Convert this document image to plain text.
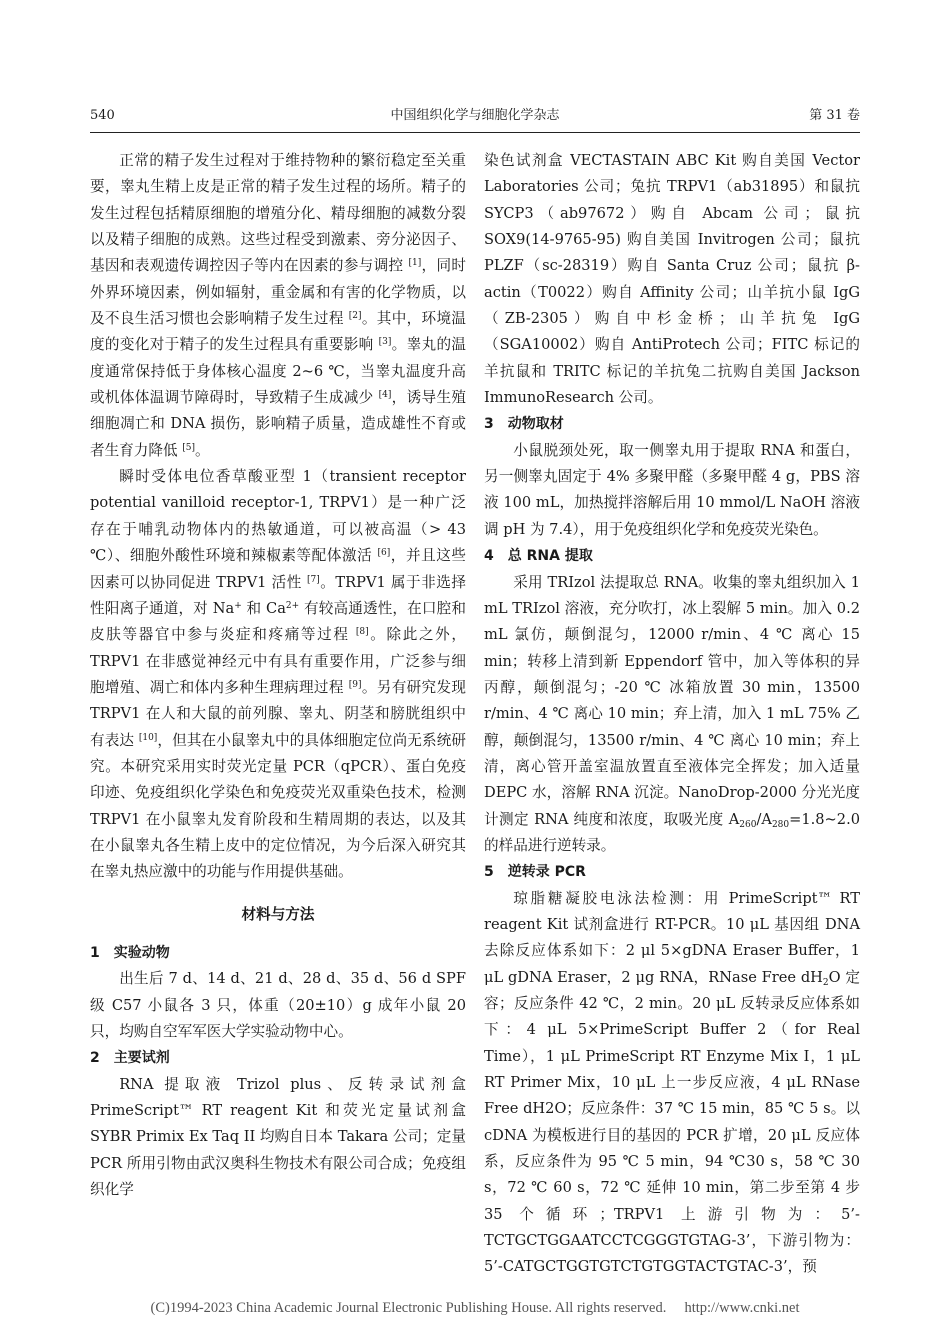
540	中国组织化学与细胞化学杂志	第 31 卷

正常的精子发生过程对于维持物种的繁衍稳定至关重要，睾丸生精上皮是正常的精子发生过程的场所。精子的发生过程包括精原细胞的增殖分化、精母细胞的减数分裂以及精子细胞的成熟。这些过程受到激素、旁分泌因子、基因和表观遗传调控因子等内在因素的参与调控 [1]，同时外界环境因素，例如辐射，重金属和有害的化学物质，以及不良生活习惯也会影响精子发生过程 [2]。其中，环境温度的变化对于精子的发生过程具有重要影响 [3]。睾丸的温度通常保持低于身体核心温度 2~6 ℃，当睾丸温度升高或机体体温调节障碍时，导致精子生成减少 [4]，诱导生殖细胞凋亡和 DNA 损伤，影响精子质量，造成雄性不育或者生育力降低 [5]。

瞬时受体电位香草酸亚型 1（transient receptor potential vanilloid receptor-1, TRPV1）是一种广泛存在于哺乳动物体内的热敏通道，可以被高温（> 43 ℃）、细胞外酸性环境和辣椒素等配体激活 [6]，并且这些因素可以协同促进 TRPV1 活性 [7]。TRPV1 属于非选择性阳离子通道，对 Na+ 和 $Ca^{2+}$ 有较高通透性，在口腔和皮肤等器官中参与炎症和疼痛等过程 [8]。除此之外，TRPV1 在非感觉神经元中有具有重要作用，广泛参与细胞增殖、凋亡和体内多种生理病理过程 [9]。另有研究发现 TRPV1 在人和大鼠的前列腺、睾丸、阴茎和膀胱组织中有表达 [10]，但其在小鼠睾丸中的具体细胞定位尚无系统研究。本研究采用实时荧光定量 PCR（qPCR）、蛋白免疫印迹、免疫组织化学染色和免疫荧光双重染色技术，检测 TRPV1 在小鼠睾丸发育阶段和生精周期的表达，以及其在小鼠睾丸各生精上皮中的定位情况，为今后深入研究其在睾丸热应激中的功能与作用提供基础。

材料与方法

1　实验动物

出生后 7 d、14 d、21 d、28 d、35 d、56 d SPF 级 C57 小鼠各 3 只，体重（20±10）g 成年小鼠 20 只，均购自空军军医大学实验动物中心。

2　主要试剂

RNA 提取液 Trizol plus、反转录试剂盒 PrimeScript™ RT reagent Kit 和荧光定量试剂盒 SYBR Primix Ex Taq II 均购自日本 Takara 公司；定量 PCR 所用引物由武汉奥科生物技术有限公司合成；免疫组织化学

染色试剂盒 VECTASTAIN ABC Kit 购自美国 Vector Laboratories 公司；兔抗 TRPV1（ab31895）和鼠抗 SYCP3（ab97672）购自 Abcam 公司；鼠抗 SOX9(14-9765-95) 购自美国 Invitrogen 公司；鼠抗 PLZF（sc-28319）购自 Santa Cruz 公司；鼠抗 β-actin（T0022）购自 Affinity 公司；山羊抗小鼠 IgG（ZB-2305）购自中杉金桥；山羊抗兔 IgG（SGA10002）购自 AntiProtech 公司；FITC 标记的羊抗鼠和 TRITC 标记的羊抗兔二抗购自美国 Jackson ImmunoResearch 公司。

3　动物取材

小鼠脱颈处死，取一侧睾丸用于提取 RNA 和蛋白，另一侧睾丸固定于 4% 多聚甲醛（多聚甲醛 4 g，PBS 溶液 100 mL，加热搅拌溶解后用 10 mmol/L NaOH 溶液调 pH 为 7.4），用于免疫组织化学和免疫荧光染色。

4　总 RNA 提取

采用 TRIzol 法提取总 RNA。收集的睾丸组织加入 1 mL TRIzol 溶液，充分吹打，冰上裂解 5 min。加入 0.2 mL 氯仿，颠倒混匀，12000 r/min、4 ℃ 离心 15 min；转移上清到新 Eppendorf 管中，加入等体积的异丙醇，颠倒混匀；-20 ℃ 冰箱放置 30 min，13500 r/min、4 ℃ 离心 10 min；弃上清，加入 1 mL 75% 乙醇，颠倒混匀，13500 r/min、4 ℃ 离心 10 min；弃上清，离心管开盖室温放置直至液体完全挥发；加入适量 DEPC 水，溶解 RNA 沉淀。NanoDrop-2000 分光光度计测定 RNA 纯度和浓度，取吸光度 $A_{260}/A_{280}=1.8\sim 2.0$ 的样品进行逆转录。

5　逆转录 PCR

琼脂糖凝胶电泳法检测：用 PrimeScript™ RT reagent Kit 试剂盒进行 RT-PCR。10 μL 基因组 DNA 去除反应体系如下：2 μl 5×gDNA Eraser Buffer，1 μL gDNA Eraser，2 μg RNA，RNase Free $dH_2O$ 定容；反应条件 42 ℃，2 min。20 μL 反转录反应体系如下：4 μL 5×PrimeScript Buffer 2（for Real Time），1 μL PrimeScript RT Enzyme Mix I，1 μL RT Primer Mix，10 μL 上一步反应液，4 μL RNase Free dH2O；反应条件：37 ℃ 15 min，85 ℃ 5 s。以 cDNA 为模板进行目的基因的 PCR 扩增，20 μL 反应体系，反应条件为 95 ℃ 5 min，94 ℃30 s，58 ℃ 30 s，72 ℃ 60 s，72 ℃ 延伸 10 min，第二步至第 4 步 35 个循环；TRPV1 上游引物为：5’-TCTGCTGGAATCCTCGGGTGTAG-3’，下游引物为：5’-CATGCTGGTGTCTGTGGTACTGTAC-3’，预

(C)1994-2023 China Academic Journal Electronic Publishing House. All rights reserved.　 http://www.cnki.net
